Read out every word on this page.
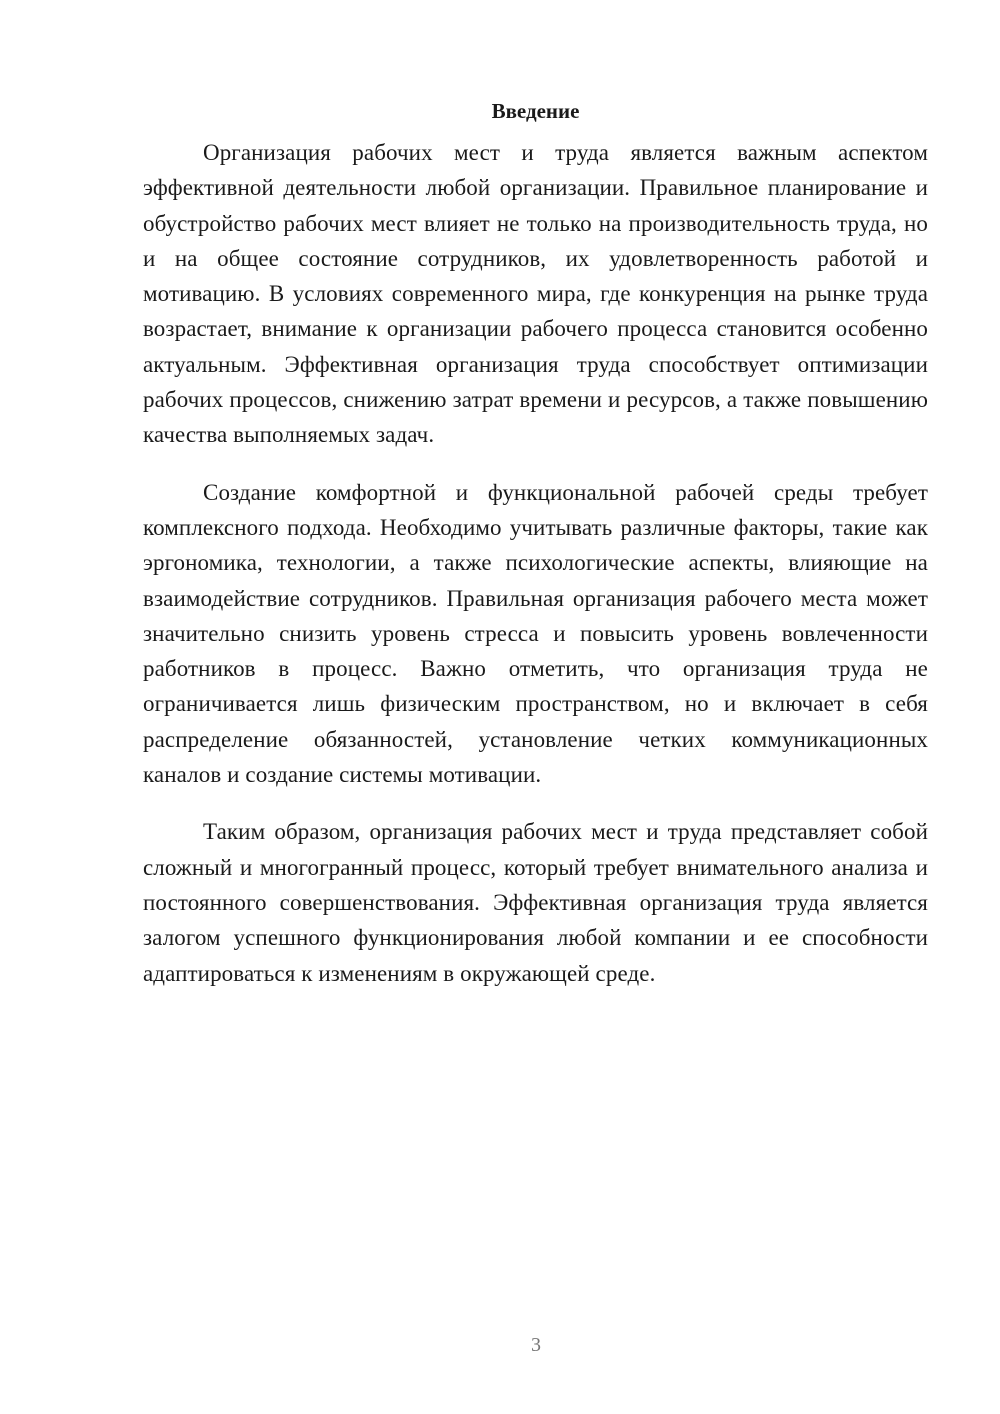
Введение

Организация рабочих мест и труда является важным аспектом эффективной деятельности любой организации. Правильное планирование и обустройство рабочих мест влияет не только на производительность труда, но и на общее состояние сотрудников, их удовлетворенность работой и мотивацию. В условиях современного мира, где конкуренция на рынке труда возрастает, внимание к организации рабочего процесса становится особенно актуальным. Эффективная организация труда способствует оптимизации рабочих процессов, снижению затрат времени и ресурсов, а также повышению качества выполняемых задач.

Создание комфортной и функциональной рабочей среды требует комплексного подхода. Необходимо учитывать различные факторы, такие как эргономика, технологии, а также психологические аспекты, влияющие на взаимодействие сотрудников. Правильная организация рабочего места может значительно снизить уровень стресса и повысить уровень вовлеченности работников в процесс. Важно отметить, что организация труда не ограничивается лишь физическим пространством, но и включает в себя распределение обязанностей, установление четких коммуникационных каналов и создание системы мотивации.

Таким образом, организация рабочих мест и труда представляет собой сложный и многогранный процесс, который требует внимательного анализа и постоянного совершенствования. Эффективная организация труда является залогом успешного функционирования любой компании и ее способности адаптироваться к изменениям в окружающей среде.

3
